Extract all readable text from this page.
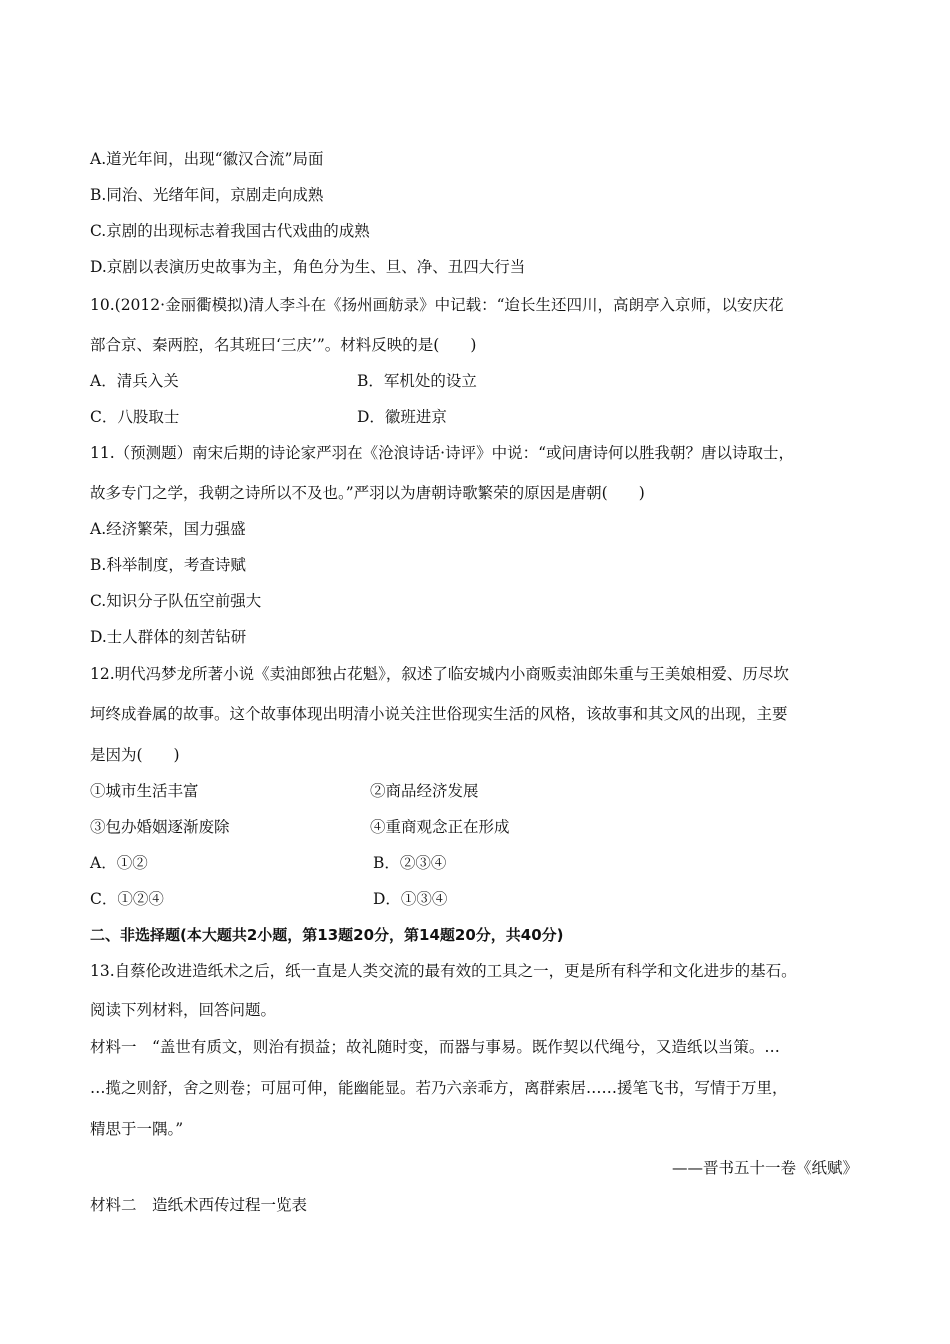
A.道光年间，出现“徽汉合流”局面
B.同治、光绪年间，京剧走向成熟
C.京剧的出现标志着我国古代戏曲的成熟
D.京剧以表演历史故事为主，角色分为生、旦、净、丑四大行当
10.(2012·金丽衢模拟)清人李斗在《扬州画舫录》中记载：“迨长生还四川，高朗亭入京师，以安庆花
部合京、秦两腔，名其班曰‘三庆’”。材料反映的是(　　)
A．清兵入关	B．军机处的设立
C．八股取士	D．徽班进京
11.（预测题）南宋后期的诗论家严羽在《沧浪诗话·诗评》中说：“或问唐诗何以胜我朝？唐以诗取士，
故多专门之学，我朝之诗所以不及也。”严羽以为唐朝诗歌繁荣的原因是唐朝(　　)
A.经济繁荣，国力强盛
B.科举制度，考查诗赋
C.知识分子队伍空前强大
D.士人群体的刻苦钻研
12.明代冯梦龙所著小说《卖油郎独占花魁》，叙述了临安城内小商贩卖油郎朱重与王美娘相爱、历尽坎
坷终成眷属的故事。这个故事体现出明清小说关注世俗现实生活的风格，该故事和其文风的出现，主要
是因为(　　)
①城市生活丰富	②商品经济发展
③包办婚姻逐渐废除	④重商观念正在形成
A．①②	B．②③④
C．①②④	D．①③④
二、非选择题(本大题共2小题，第13题20分，第14题20分，共40分)
13.自蔡伦改进造纸术之后，纸一直是人类交流的最有效的工具之一，更是所有科学和文化进步的基石。
阅读下列材料，回答问题。
材料一　“盖世有质文，则治有损益；故礼随时变，而器与事易。既作契以代绳兮，又造纸以当策。…
…揽之则舒，舍之则卷；可屈可伸，能幽能显。若乃六亲乖方，离群索居……援笔飞书，写情于万里，
精思于一隅。”
——晋书五十一卷《纸赋》
材料二　造纸术西传过程一览表
